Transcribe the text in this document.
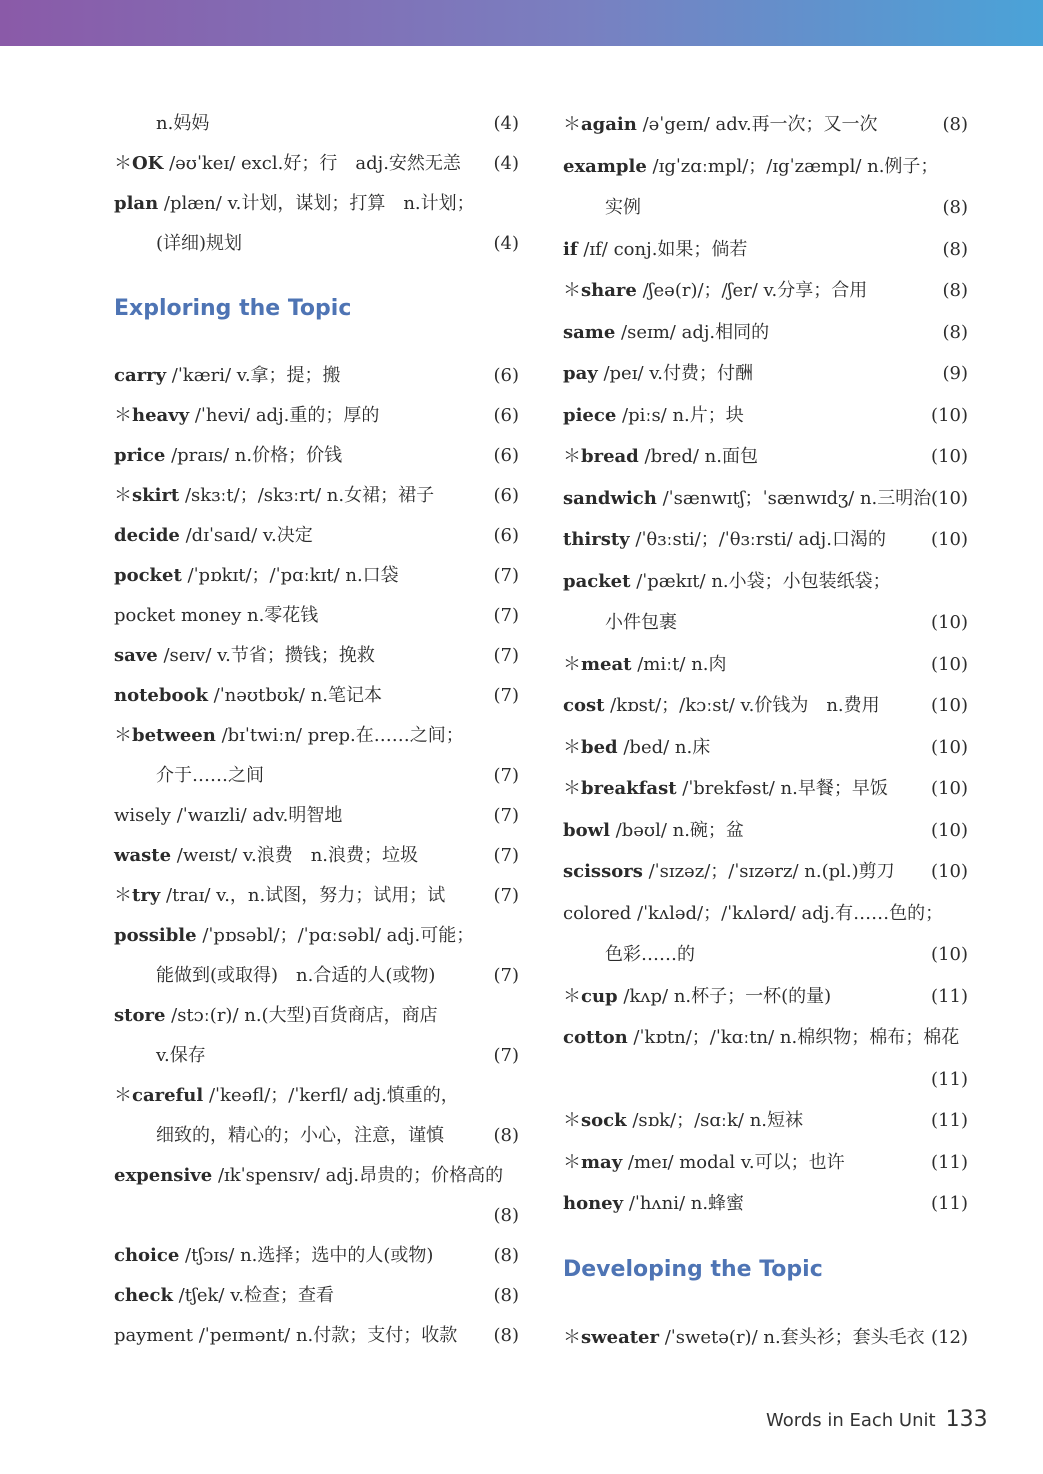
n.妈妈	(4)
＊OK /əʊˈkeɪ/ excl.好；行　adj.安然无恙 (4)
plan /plæn/ v.计划，谋划；打算　n.计划；
(详细)规划	(4)
Exploring the Topic
carry /ˈkæri/ v.拿；提；搬	(6)
＊heavy /ˈhevi/ adj.重的；厚的	(6)
price /praɪs/ n.价格；价钱	(6)
＊skirt /skɜːt/；/skɜːrt/ n.女裙；裙子	(6)
decide /dɪˈsaɪd/ v.决定	(6)
pocket /ˈpɒkɪt/；/ˈpɑːkɪt/ n.口袋	(7)
pocket money n.零花钱	(7)
save /seɪv/ v.节省；攒钱；挽救	(7)
notebook /ˈnəʊtbʊk/ n.笔记本	(7)
＊between /bɪˈtwiːn/ prep.在……之间；
介于……之间	(7)
wisely /ˈwaɪzli/ adv.明智地	(7)
waste /weɪst/ v.浪费　n.浪费；垃圾	(7)
＊try /traɪ/ v.，n.试图，努力；试用；试	(7)
possible /ˈpɒsəbl/；/ˈpɑːsəbl/ adj.可能；
能做到(或取得)　n.合适的人(或物)	(7)
store /stɔː(r)/ n.(大型)百货商店，商店
v.保存	(7)
＊careful /ˈkeəfl/；/ˈkerfl/ adj.慎重的，
细致的，精心的；小心，注意，谨慎	(8)
expensive /ɪkˈspensɪv/ adj.昂贵的；价格高的
(8)
choice /tʃɔɪs/ n.选择；选中的人(或物)	(8)
check /tʃek/ v.检查；查看	(8)
payment /ˈpeɪmənt/ n.付款；支付；收款 (8)
＊again /əˈgeɪn/ adv.再一次；又一次	(8)
example /ɪgˈzɑːmpl/；/ɪgˈzæmpl/ n.例子；
实例	(8)
if /ɪf/ conj.如果；倘若	(8)
＊share /ʃeə(r)/；/ʃer/ v.分享；合用	(8)
same /seɪm/ adj.相同的	(8)
pay /peɪ/ v.付费；付酬	(9)
piece /piːs/ n.片；块	(10)
＊bread /bred/ n.面包	(10)
sandwich /ˈsænwɪtʃ；ˈsænwɪdʒ/ n.三明治 (10)
thirsty /ˈθɜːsti/；/ˈθɜːrsti/ adj.口渴的	(10)
packet /ˈpækɪt/ n.小袋；小包装纸袋；
小件包裹	(10)
＊meat /miːt/ n.肉	(10)
cost /kɒst/；/kɔːst/ v.价钱为　n.费用	(10)
＊bed /bed/ n.床	(10)
＊breakfast /ˈbrekfəst/ n.早餐；早饭 (10)
bowl /bəʊl/ n.碗；盆	(10)
scissors /ˈsɪzəz/；/ˈsɪzərz/ n.(pl.)剪刀 (10)
colored /ˈkʌləd/；/ˈkʌlərd/ adj.有……色的；
色彩……的	(10)
＊cup /kʌp/ n.杯子；一杯(的量)	(11)
cotton /ˈkɒtn/；/ˈkɑːtn/ n.棉织物；棉布；棉花
(11)
＊sock /sɒk/；/sɑːk/ n.短袜	(11)
＊may /meɪ/ modal v.可以；也许	(11)
honey /ˈhʌni/ n.蜂蜜	(11)
Developing the Topic
＊sweater /ˈswetə(r)/ n.套头衫；套头毛衣 (12)
Words in Each Unit 133
